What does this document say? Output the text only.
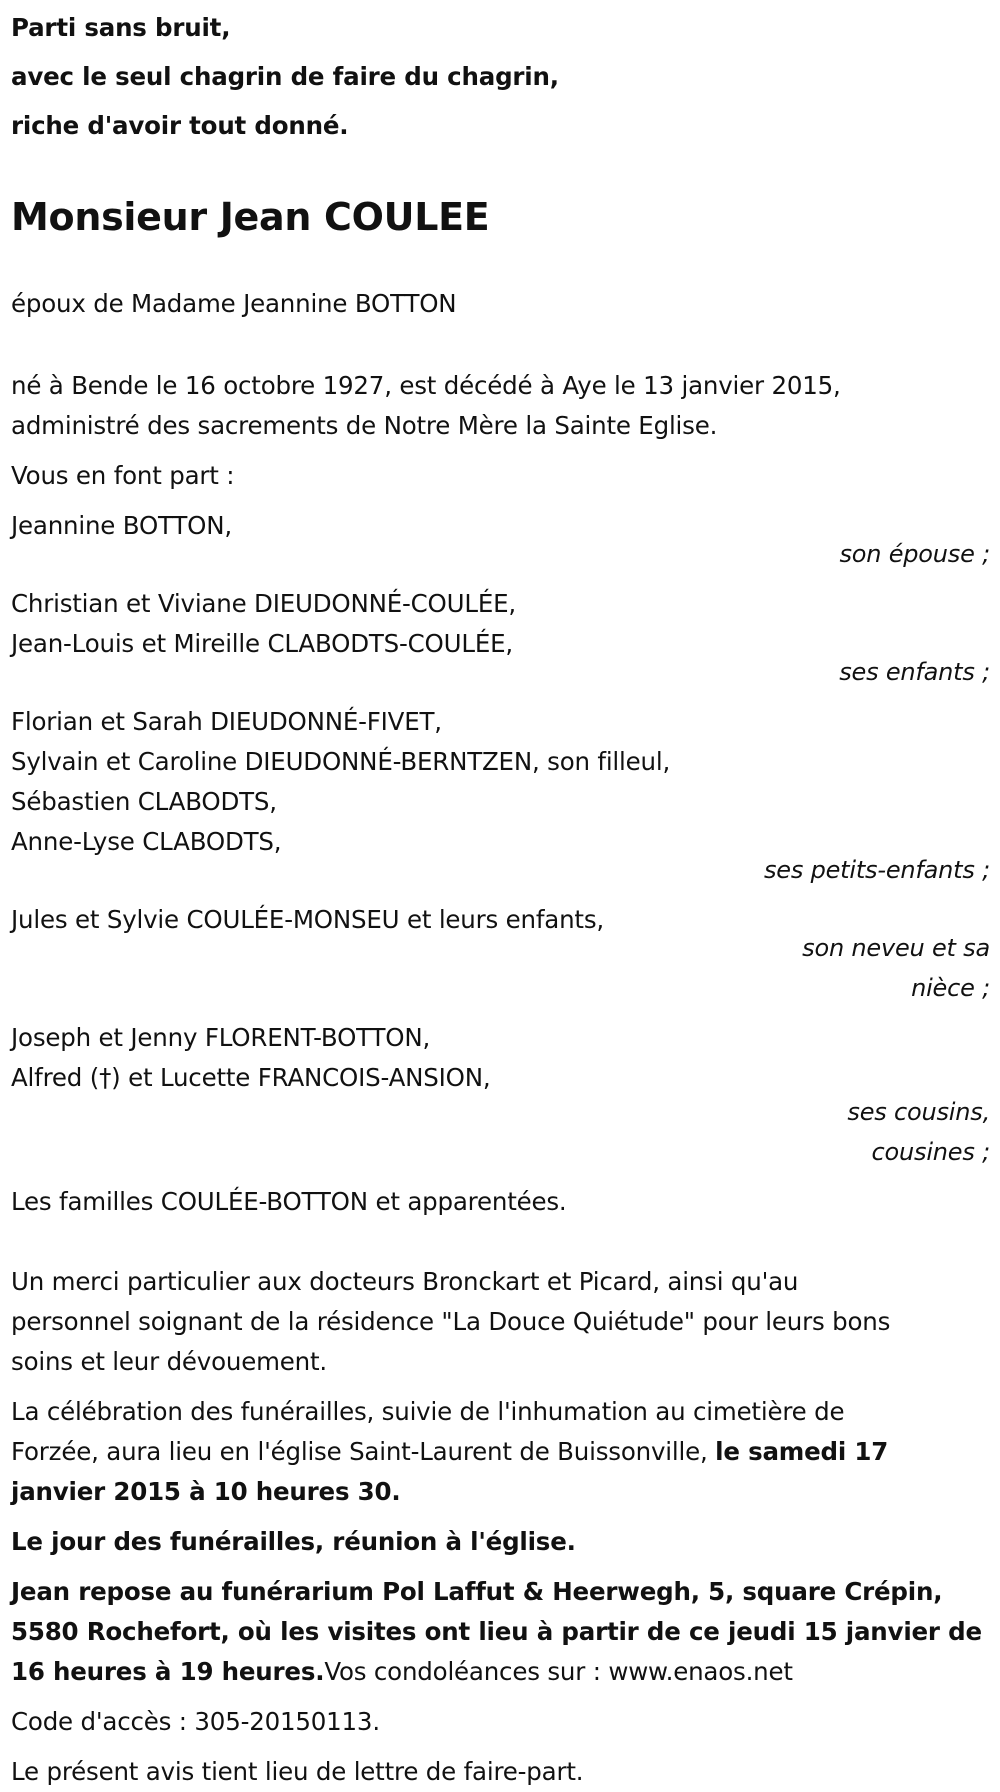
Parti sans bruit,
avec le seul chagrin de faire du chagrin,
riche d'avoir tout donné.
Monsieur Jean COULEE
époux de Madame Jeannine BOTTON
né à Bende le 16 octobre 1927, est décédé à Aye le 13 janvier 2015,
administré des sacrements de Notre Mère la Sainte Eglise.
Vous en font part :
Jeannine BOTTON,
son épouse ;
Christian et Viviane DIEUDONNÉ-COULÉE,
Jean-Louis et Mireille CLABODTS-COULÉE,
ses enfants ;
Florian et Sarah DIEUDONNÉ-FIVET,
Sylvain et Caroline DIEUDONNÉ-BERNTZEN, son filleul,
Sébastien CLABODTS,
Anne-Lyse CLABODTS,
ses petits-enfants ;
Jules et Sylvie COULÉE-MONSEU et leurs enfants,
son neveu et sa
nièce ;
Joseph et Jenny FLORENT-BOTTON,
Alfred (†) et Lucette FRANCOIS-ANSION,
ses cousins,
cousines ;
Les familles COULÉE-BOTTON et apparentées.
Un merci particulier aux docteurs Bronckart et Picard, ainsi qu'au
personnel soignant de la résidence "La Douce Quiétude" pour leurs bons
soins et leur dévouement.
La célébration des funérailles, suivie de l'inhumation au cimetière de
Forzée, aura lieu en l'église Saint-Laurent de Buissonville, le samedi 17
janvier 2015 à 10 heures 30.
Le jour des funérailles, réunion à l'église.
Jean repose au funérarium Pol Laffut & Heerwegh, 5, square Crépin,
5580 Rochefort, où les visites ont lieu à partir de ce jeudi 15 janvier de
16 heures à 19 heures.Vos condoléances sur : www.enaos.net
Code d'accès : 305-20150113.
Le présent avis tient lieu de lettre de faire-part.
